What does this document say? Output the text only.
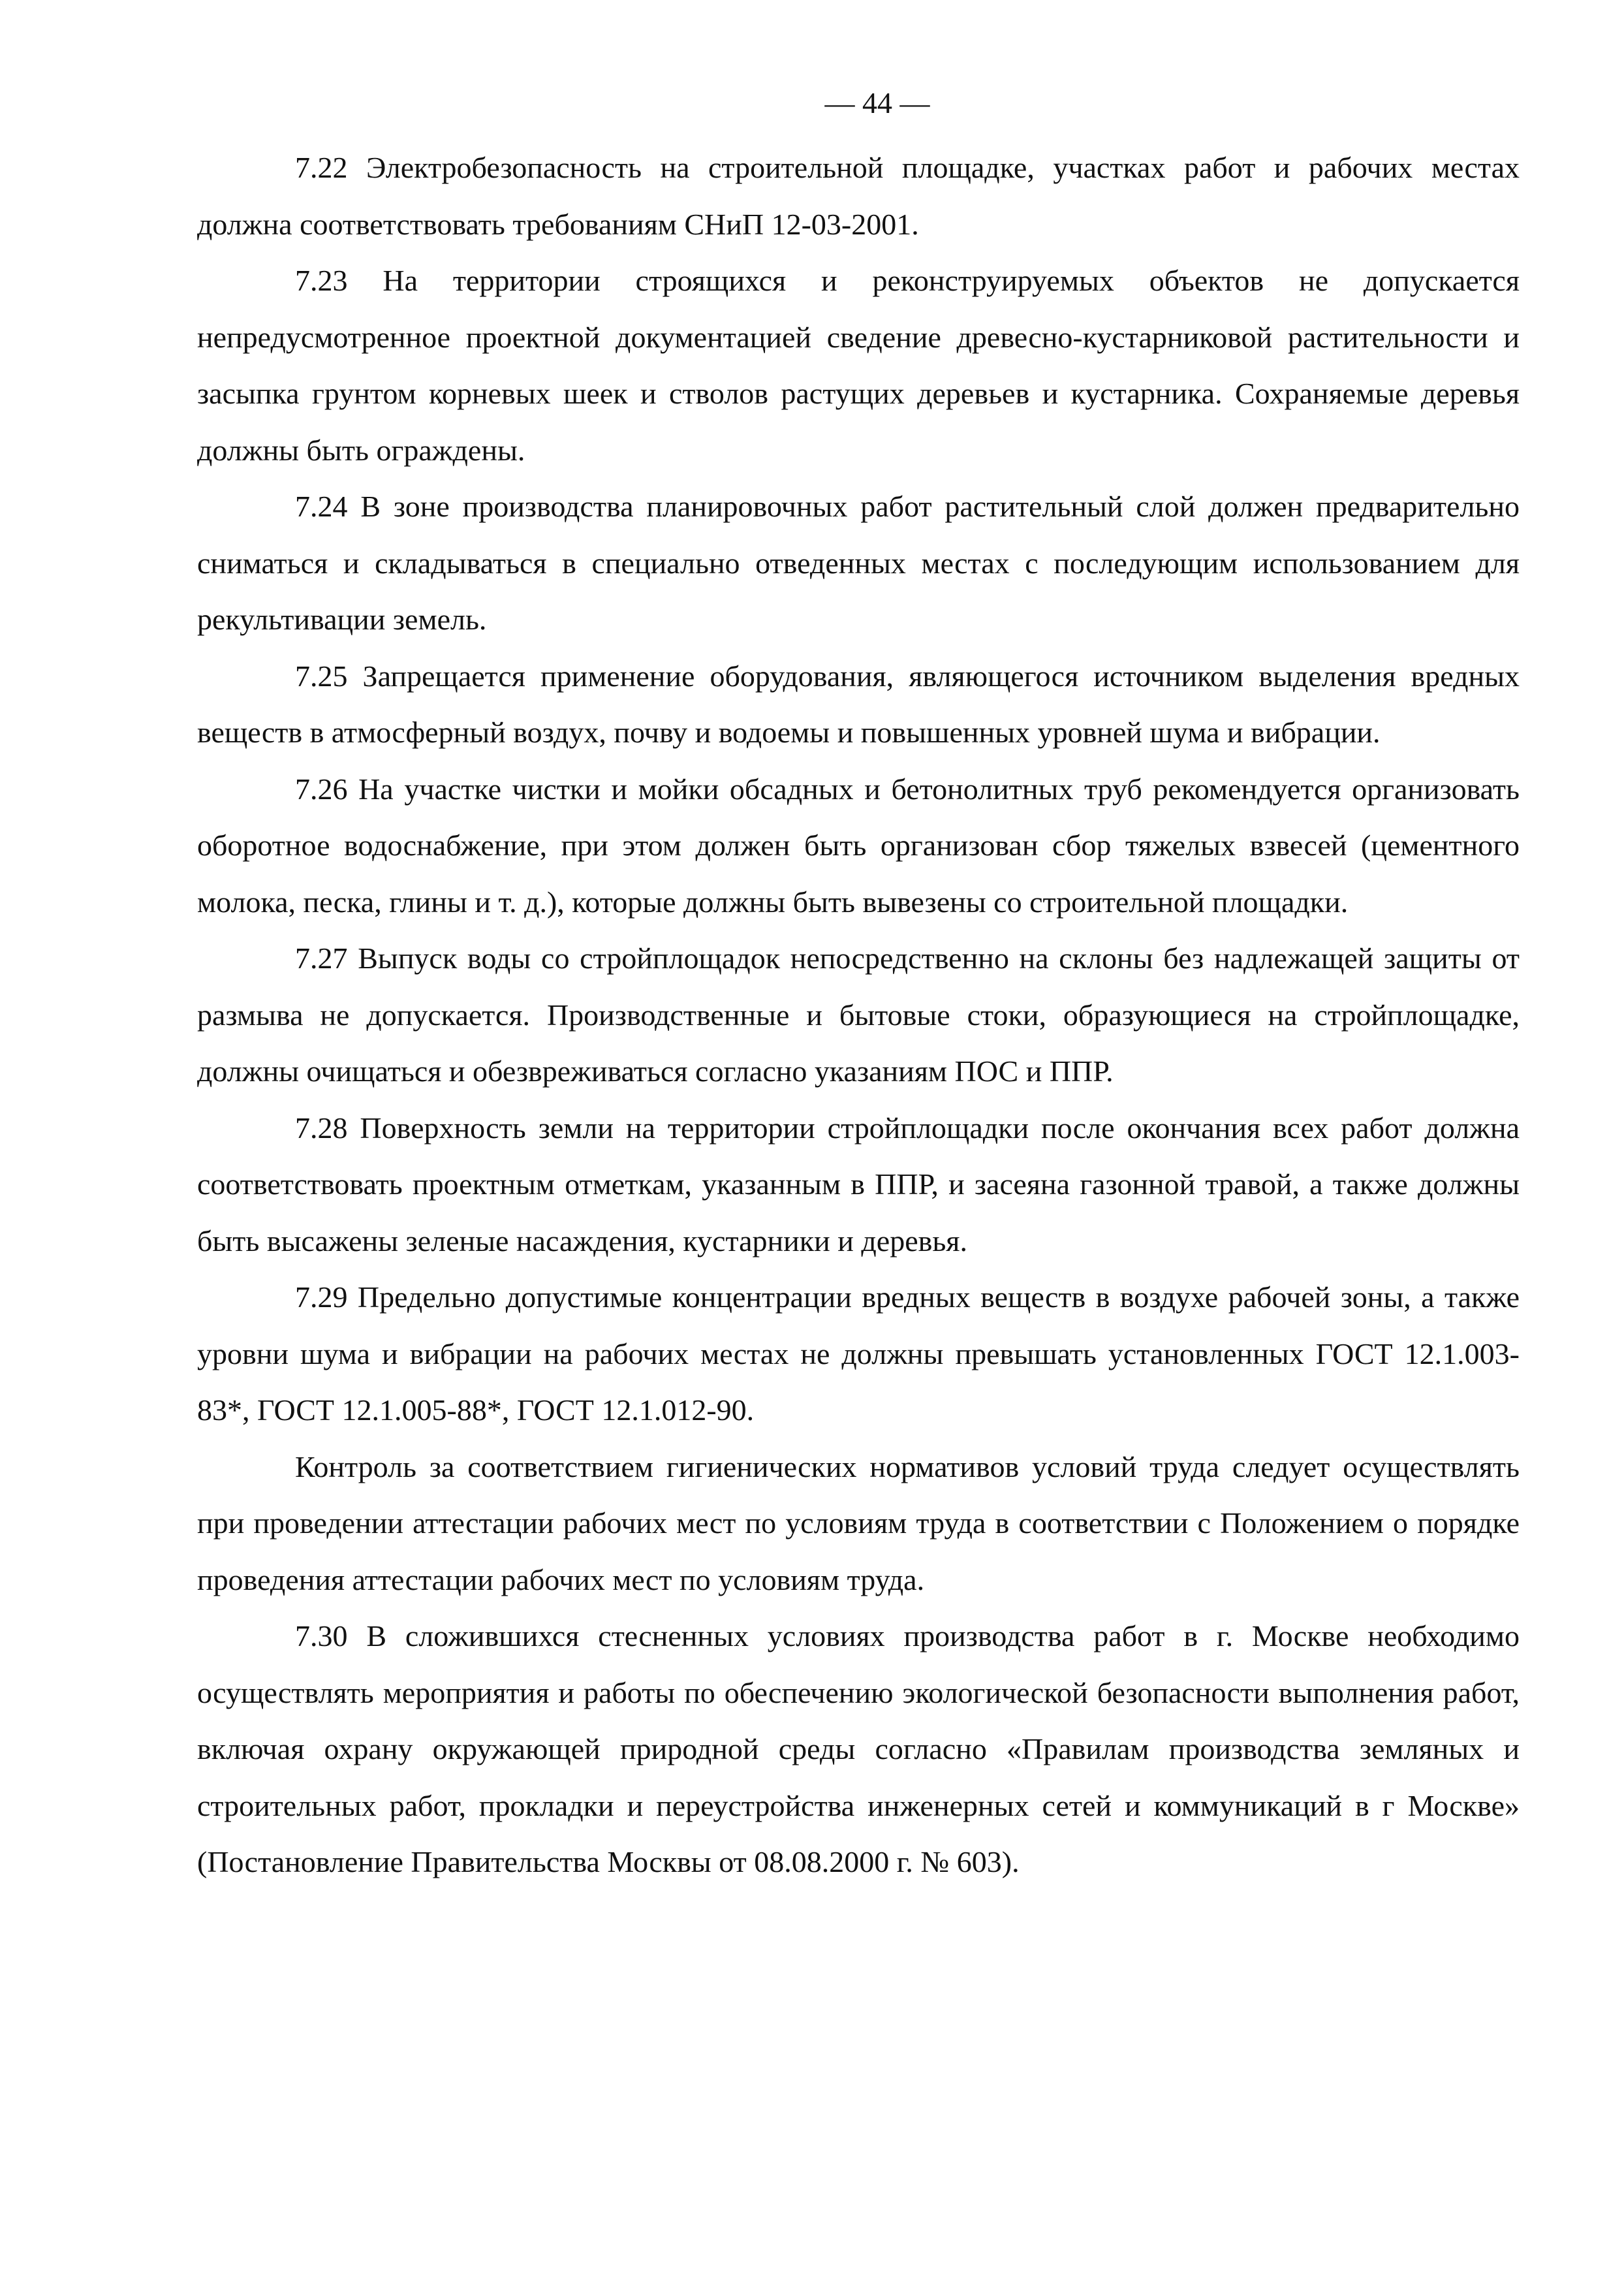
— 44 —

7.22 Электробезопасность на строительной площадке, участках работ и рабочих местах должна соответствовать требованиям СНиП 12-03-2001.

7.23 На территории строящихся и реконструируемых объектов не допускается непредусмотренное проектной документацией сведение древесно-кустарниковой растительности и засыпка грунтом корневых шеек и стволов растущих деревьев и кустарника. Сохраняемые деревья должны быть ограждены.

7.24 В зоне производства планировочных работ растительный слой должен предварительно сниматься и складываться в специально отведенных местах с последующим использованием для рекультивации земель.

7.25 Запрещается применение оборудования, являющегося источником выделения вредных веществ в атмосферный воздух, почву и водоемы и повышенных уровней шума и вибрации.

7.26 На участке чистки и мойки обсадных и бетонолитных труб рекомендуется организовать оборотное водоснабжение, при этом должен быть организован сбор тяжелых взвесей (цементного молока, песка, глины и т. д.), которые должны быть вывезены со строительной площадки.

7.27 Выпуск воды со стройплощадок непосредственно на склоны без надлежащей защиты от размыва не допускается. Производственные и бытовые стоки, образующиеся на стройплощадке, должны очищаться и обезвреживаться согласно указаниям ПОС и ППР.

7.28 Поверхность земли на территории стройплощадки после окончания всех работ должна соответствовать проектным отметкам, указанным в ППР, и засеяна газонной травой, а также должны быть высажены зеленые насаждения, кустарники и деревья.

7.29 Предельно допустимые концентрации вредных веществ в воздухе рабочей зоны, а также уровни шума и вибрации на рабочих местах не должны превышать установленных ГОСТ 12.1.003-83*, ГОСТ 12.1.005-88*, ГОСТ 12.1.012-90.

Контроль за соответствием гигиенических нормативов условий труда следует осуществлять при проведении аттестации рабочих мест по условиям труда в соответствии с Положением о порядке проведения аттестации рабочих мест по условиям труда.

7.30 В сложившихся стесненных условиях производства работ в г. Москве необходимо осуществлять мероприятия и работы по обеспечению экологической безопасности выполнения работ, включая охрану окружающей природной среды согласно «Правилам производства земляных и строительных работ, прокладки и переустройства инженерных сетей и коммуникаций в г Москве» (Постановление Правительства Москвы от 08.08.2000 г. № 603).
